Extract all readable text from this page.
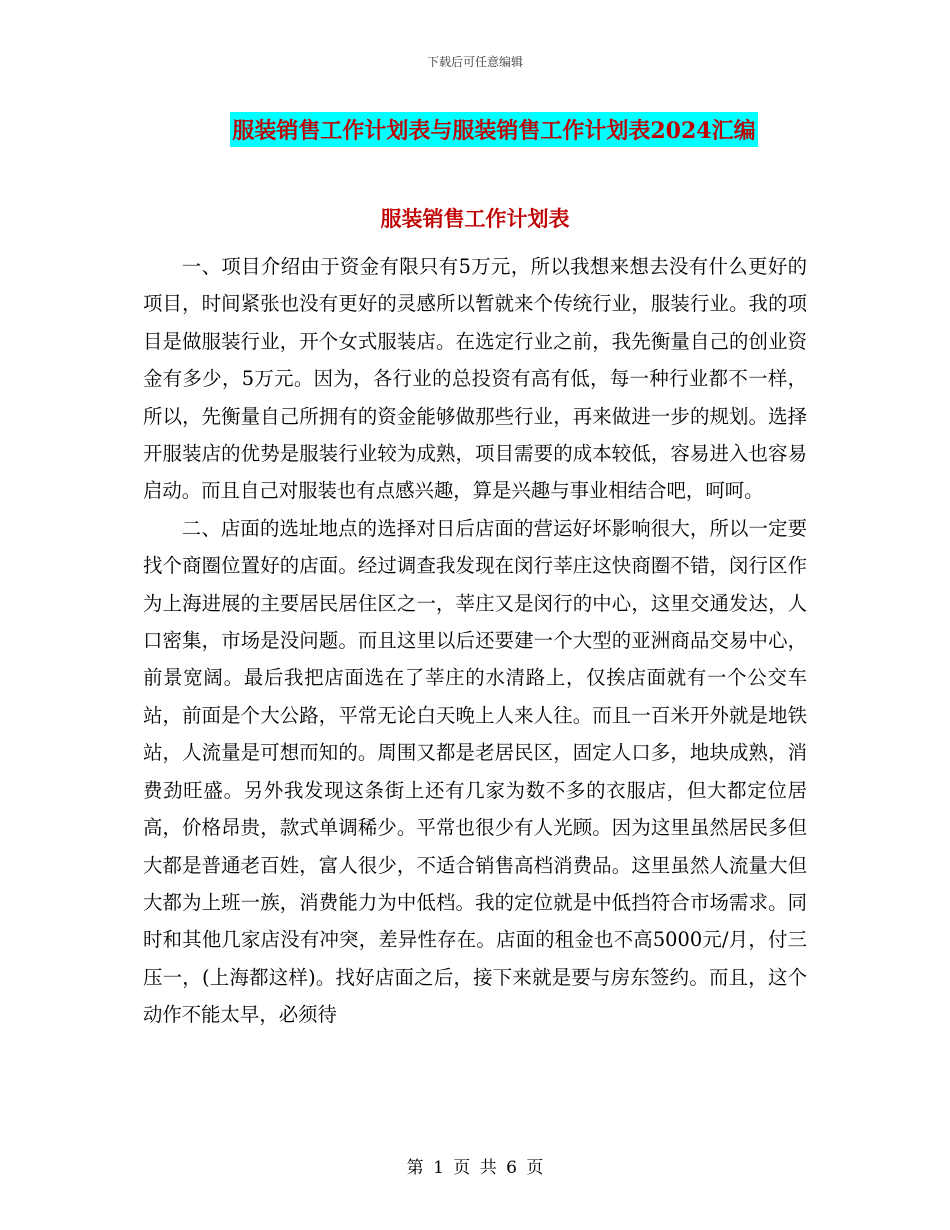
下载后可任意编辑
服装销售工作计划表与服装销售工作计划表2024汇编
服装销售工作计划表

一、项目介绍由于资金有限只有5万元，所以我想来想去没有什么更好的项目，时间紧张也没有更好的灵感所以暂就来个传统行业，服装行业。我的项目是做服装行业，开个女式服装店。在选定行业之前，我先衡量自己的创业资金有多少，5万元。因为，各行业的总投资有高有低，每一种行业都不一样，所以，先衡量自己所拥有的资金能够做那些行业，再来做进一步的规划。选择开服装店的优势是服装行业较为成熟，项目需要的成本较低，容易进入也容易启动。而且自己对服装也有点感兴趣，算是兴趣与事业相结合吧，呵呵。

二、店面的选址地点的选择对日后店面的营运好坏影响很大，所以一定要找个商圈位置好的店面。经过调查我发现在闵行莘庄这快商圈不错，闵行区作为上海进展的主要居民居住区之一，莘庄又是闵行的中心，这里交通发达，人口密集，市场是没问题。而且这里以后还要建一个大型的亚洲商品交易中心，前景宽阔。最后我把店面选在了莘庄的水清路上，仅挨店面就有一个公交车站，前面是个大公路，平常无论白天晚上人来人往。而且一百米开外就是地铁站，人流量是可想而知的。周围又都是老居民区，固定人口多，地块成熟，消费劲旺盛。另外我发现这条街上还有几家为数不多的衣服店，但大都定位居高，价格昂贵，款式单调稀少。平常也很少有人光顾。因为这里虽然居民多但大都是普通老百姓，富人很少，不适合销售高档消费品。这里虽然人流量大但大都为上班一族，消费能力为中低档。我的定位就是中低挡符合市场需求。同时和其他几家店没有冲突，差异性存在。店面的租金也不高5000元/月，付三压一，(上海都这样)。找好店面之后，接下来就是要与房东签约。而且，这个动作不能太早，必须待

第 1 页 共 6 页
